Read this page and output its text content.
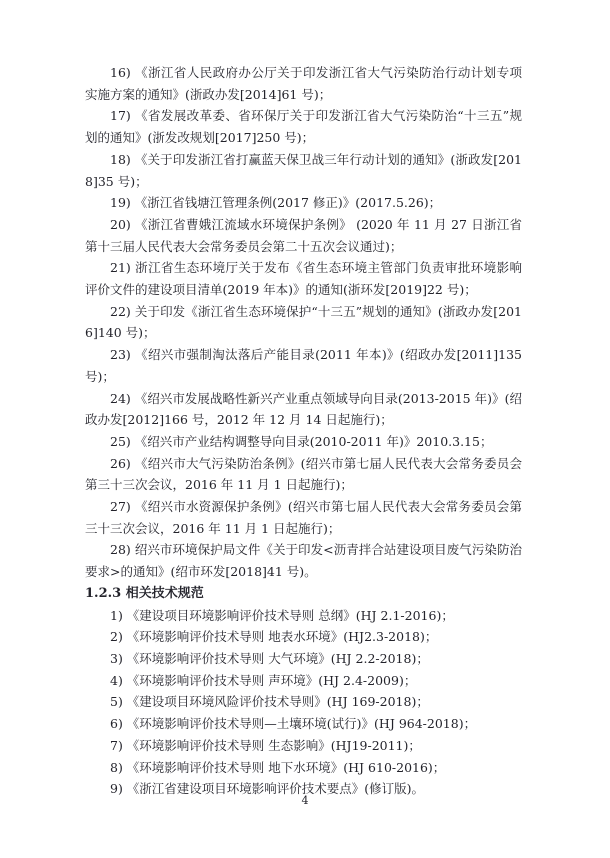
16) 《浙江省人民政府办公厅关于印发浙江省大气污染防治行动计划专项实施方案的通知》(浙政办发[2014]61 号)；

17) 《省发展改革委、省环保厅关于印发浙江省大气污染防治“十三五”规划的通知》(浙发改规划[2017]250 号)；

18) 《关于印发浙江省打赢蓝天保卫战三年行动计划的通知》(浙政发[2018]35 号)；

19) 《浙江省钱塘江管理条例(2017 修正)》(2017.5.26)；

20) 《浙江省曹娥江流域水环境保护条例》 (2020 年 11 月 27 日浙江省第十三届人民代表大会常务委员会第二十五次会议通过)；

21) 浙江省生态环境厅关于发布《省生态环境主管部门负责审批环境影响评价文件的建设项目清单(2019 年本)》的通知(浙环发[2019]22 号)；

22) 关于印发《浙江省生态环境保护“十三五”规划的通知》(浙政办发[2016]140 号)；

23) 《绍兴市强制淘汰落后产能目录(2011 年本)》(绍政办发[2011]135 号)；

24) 《绍兴市发展战略性新兴产业重点领域导向目录(2013-2015 年)》(绍政办发[2012]166 号，2012 年 12 月 14 日起施行)；

25) 《绍兴市产业结构调整导向目录(2010-2011 年)》2010.3.15；

26) 《绍兴市大气污染防治条例》(绍兴市第七届人民代表大会常务委员会第三十三次会议，2016 年 11 月 1 日起施行)；

27) 《绍兴市水资源保护条例》(绍兴市第七届人民代表大会常务委员会第三十三次会议，2016 年 11 月 1 日起施行)；

28) 绍兴市环境保护局文件《关于印发<沥青拌合站建设项目废气污染防治要求>的通知》(绍市环发[2018]41 号)。

1.2.3 相关技术规范

1) 《建设项目环境影响评价技术导则 总纲》(HJ 2.1-2016)；

2) 《环境影响评价技术导则 地表水环境》(HJ2.3-2018)；

3) 《环境影响评价技术导则 大气环境》(HJ 2.2-2018)；

4) 《环境影响评价技术导则 声环境》(HJ 2.4-2009)；

5) 《建设项目环境风险评价技术导则》(HJ 169-2018)；

6) 《环境影响评价技术导则—土壤环境(试行)》(HJ 964-2018)；

7) 《环境影响评价技术导则 生态影响》(HJ19-2011)；

8) 《环境影响评价技术导则 地下水环境》(HJ 610-2016)；

9) 《浙江省建设项目环境影响评价技术要点》(修订版)。

4
